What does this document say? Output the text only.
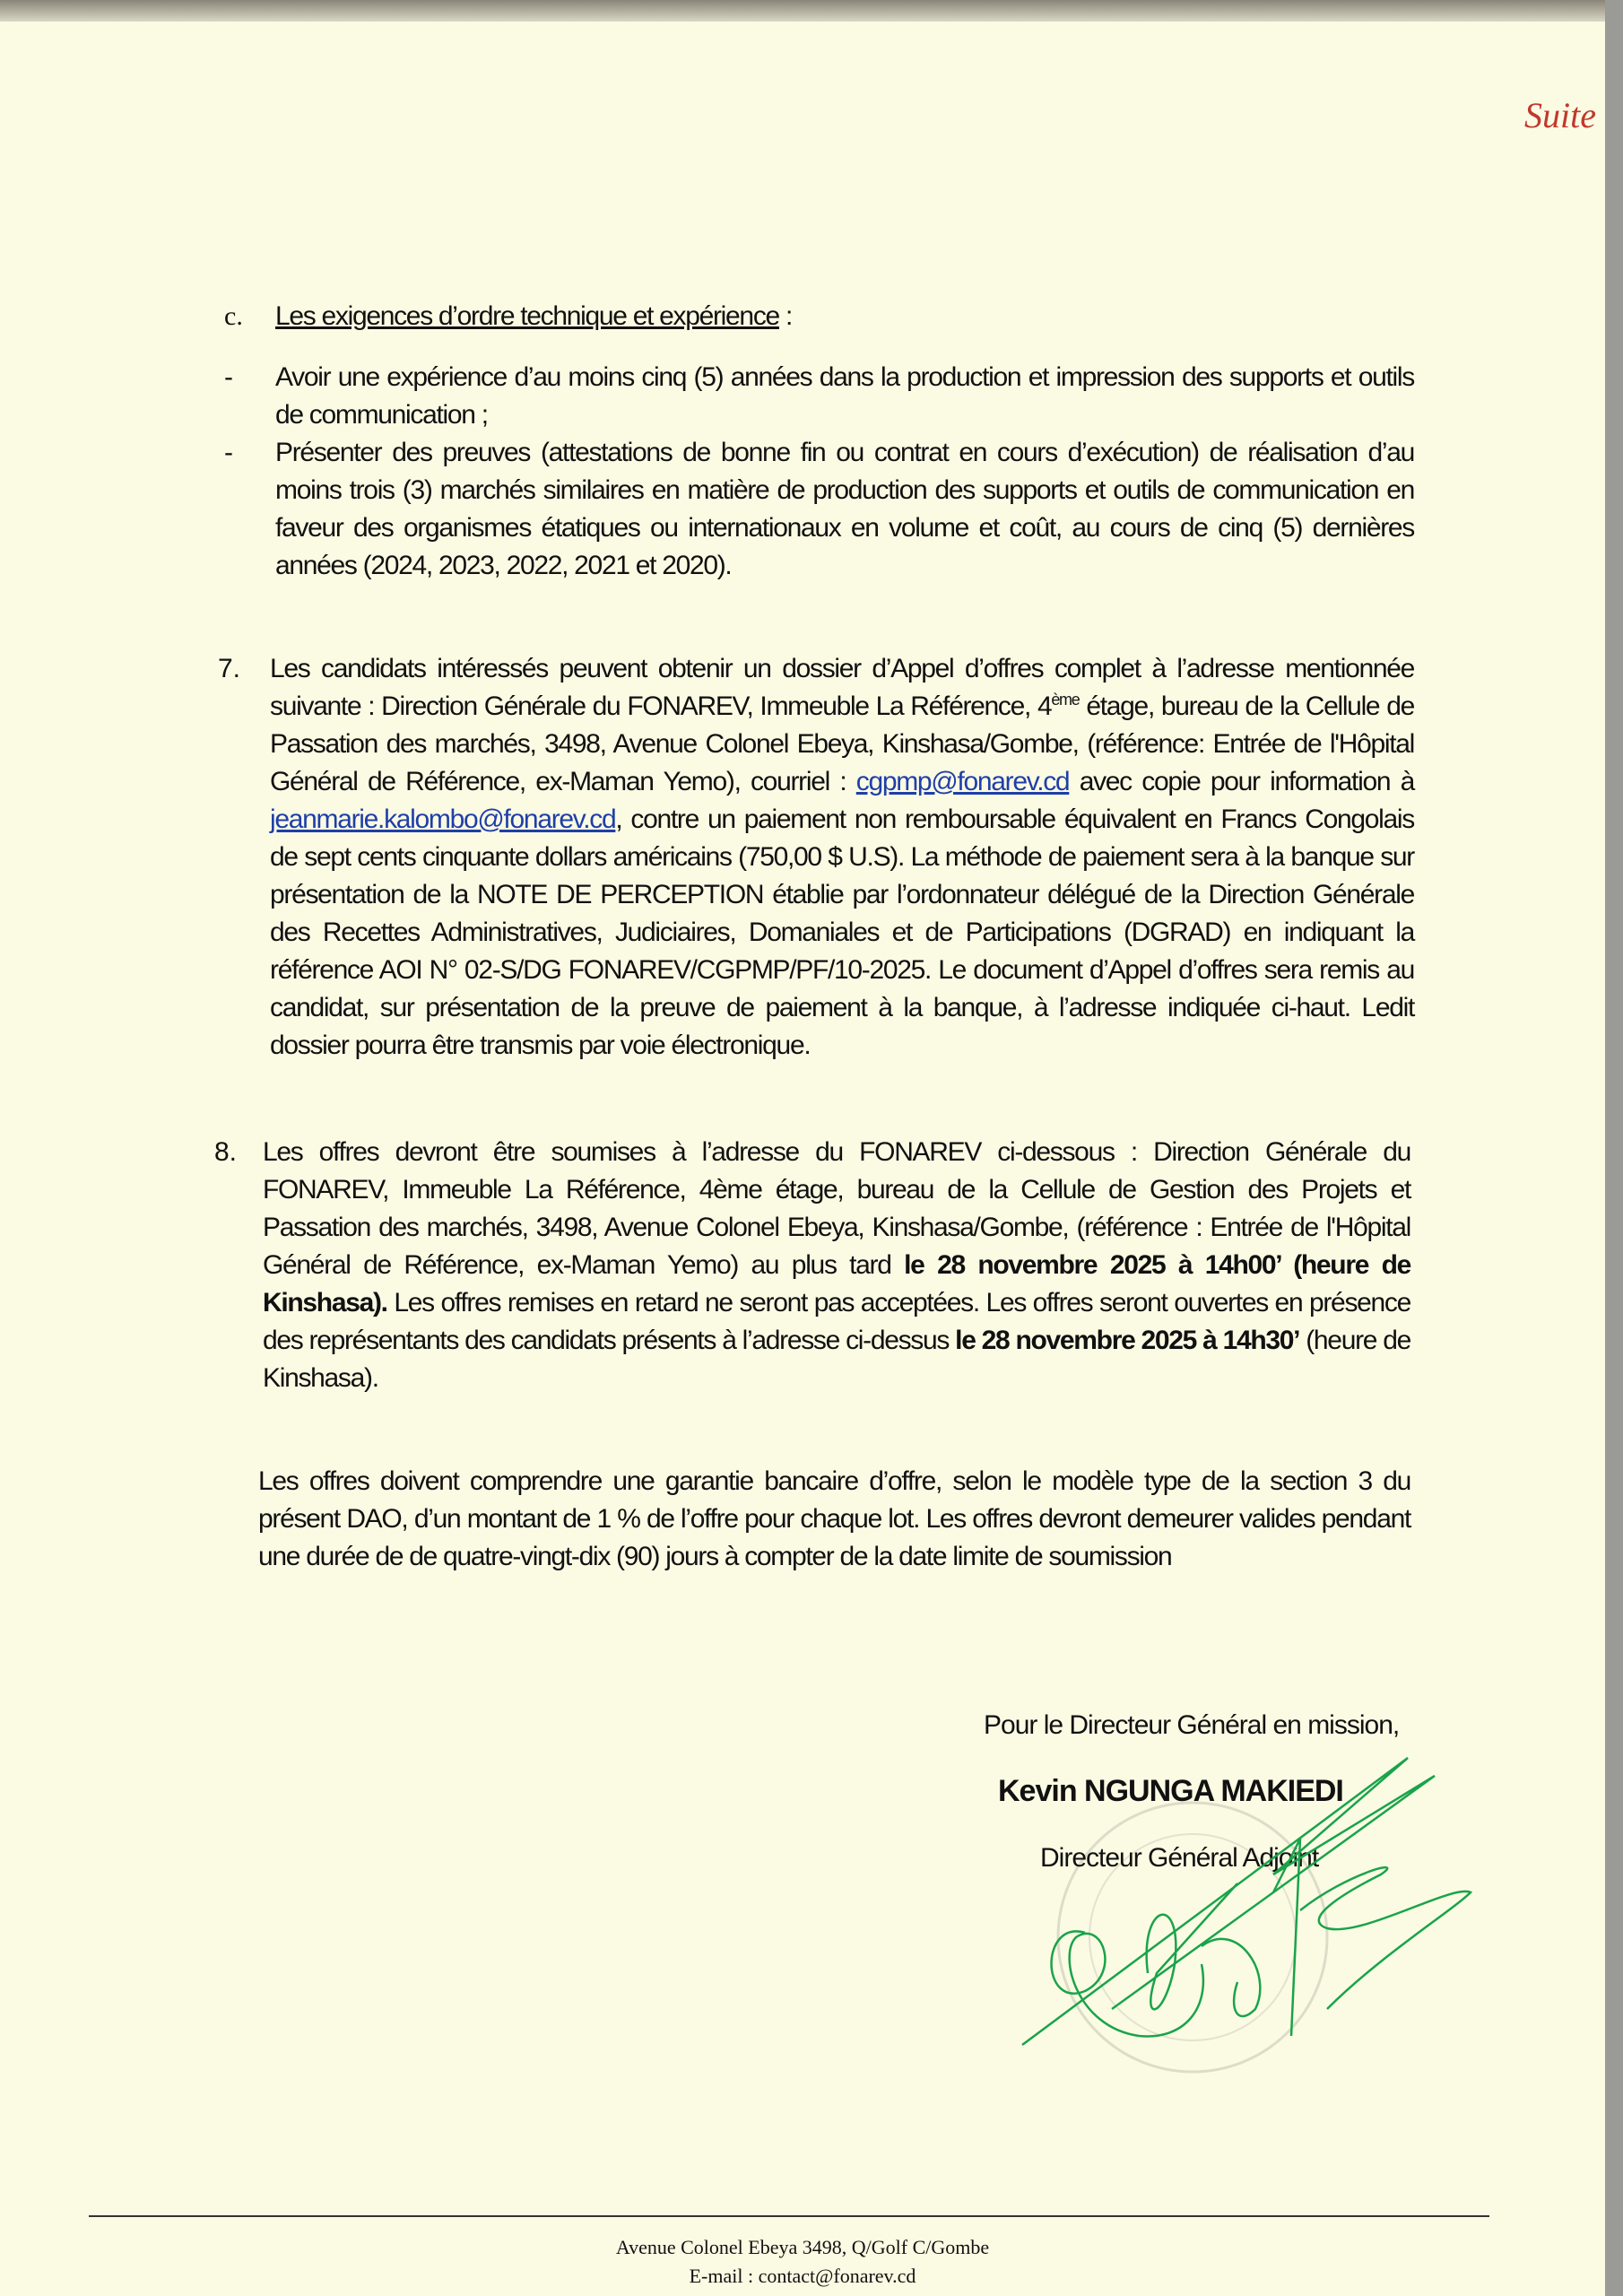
Suite
c. Les exigences d’ordre technique et expérience :
- Avoir une expérience d’au moins cinq (5) années dans la production et impression des supports et outils de communication ;
- Présenter des preuves (attestations de bonne fin ou contrat en cours d’exécution) de réalisation d’au moins trois (3) marchés similaires en matière de production des supports et outils de communication en faveur des organismes étatiques ou internationaux en volume et coût, au cours de cinq (5) dernières années (2024, 2023, 2022, 2021 et 2020).
7. Les candidats intéressés peuvent obtenir un dossier d’Appel d’offres complet à l’adresse mentionnée suivante : Direction Générale du FONAREV, Immeuble La Référence, 4ème étage, bureau de la Cellule de Passation des marchés, 3498, Avenue Colonel Ebeya, Kinshasa/Gombe, (référence: Entrée de l'Hôpital Général de Référence, ex-Maman Yemo), courriel : cgpmp@fonarev.cd avec copie pour information à jeanmarie.kalombo@fonarev.cd, contre un paiement non remboursable équivalent en Francs Congolais de sept cents cinquante dollars américains (750,00 $ U.S). La méthode de paiement sera à la banque sur présentation de la NOTE DE PERCEPTION établie par l’ordonnateur délégué de la Direction Générale des Recettes Administratives, Judiciaires, Domaniales et de Participations (DGRAD) en indiquant la référence AOI N° 02-S/DG FONAREV/CGPMP/PF/10-2025. Le document d’Appel d’offres sera remis au candidat, sur présentation de la preuve de paiement à la banque, à l’adresse indiquée ci-haut. Ledit dossier pourra être transmis par voie électronique.
8. Les offres devront être soumises à l’adresse du FONAREV ci-dessous : Direction Générale du FONAREV, Immeuble La Référence, 4ème étage, bureau de la Cellule de Gestion des Projets et Passation des marchés, 3498, Avenue Colonel Ebeya, Kinshasa/Gombe, (référence : Entrée de l'Hôpital Général de Référence, ex-Maman Yemo) au plus tard le 28 novembre 2025 à 14h00’ (heure de Kinshasa). Les offres remises en retard ne seront pas acceptées. Les offres seront ouvertes en présence des représentants des candidats présents à l’adresse ci-dessus le 28 novembre 2025 à 14h30’ (heure de Kinshasa).
Les offres doivent comprendre une garantie bancaire d’offre, selon le modèle type de la section 3 du présent DAO, d’un montant de 1 % de l’offre pour chaque lot. Les offres devront demeurer valides pendant une durée de de quatre-vingt-dix (90) jours à compter de la date limite de soumission
Pour le Directeur Général en mission,
Kevin NGUNGA MAKIEDI
Directeur Général Adjoint
Avenue Colonel Ebeya 3498, Q/Golf C/Gombe
E-mail : contact@fonarev.cd
